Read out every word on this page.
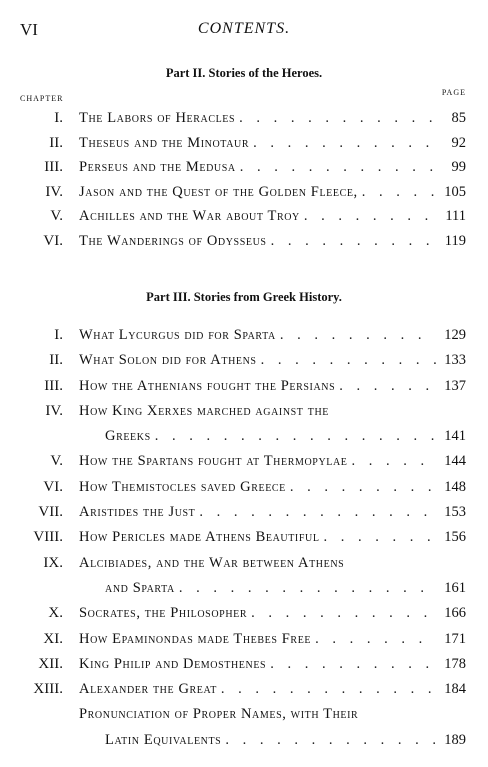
VI	CONTENTS.
Part II. Stories of the Heroes.
CHAPTER
PAGE
I.	The Labors of Heracles . . .	85
II.	Theseus and the Minotaur . . .	92
III.	Perseus and the Medusa . . .	99
IV.	Jason and the Quest of the Golden Fleece, . . .	105
V.	Achilles and the War about Troy . . .	111
VI.	The Wanderings of Odysseus . . .	119
Part III. Stories from Greek History.
I.	What Lycurgus did for Sparta . . .	129
II.	What Solon did for Athens . . .	133
III.	How the Athenians fought the Persians . . .	137
IV.	How King Xerxes marched against the
Greeks . . .	141
V.	How the Spartans fought at Thermopylae . . .	144
VI.	How Themistocles saved Greece . . .	148
VII.	Aristides the Just . . .	153
VIII.	How Pericles made Athens Beautiful . . .	156
IX.	Alcibiades, and the War between Athens
and Sparta . . .	161
X.	Socrates, the Philosopher . . .	166
XI.	How Epaminondas made Thebes Free . . .	171
XII.	King Philip and Demosthenes . . .	178
XIII.	Alexander the Great . . .	184
Pronunciation of Proper Names, with Their
Latin Equivalents . . .	189
